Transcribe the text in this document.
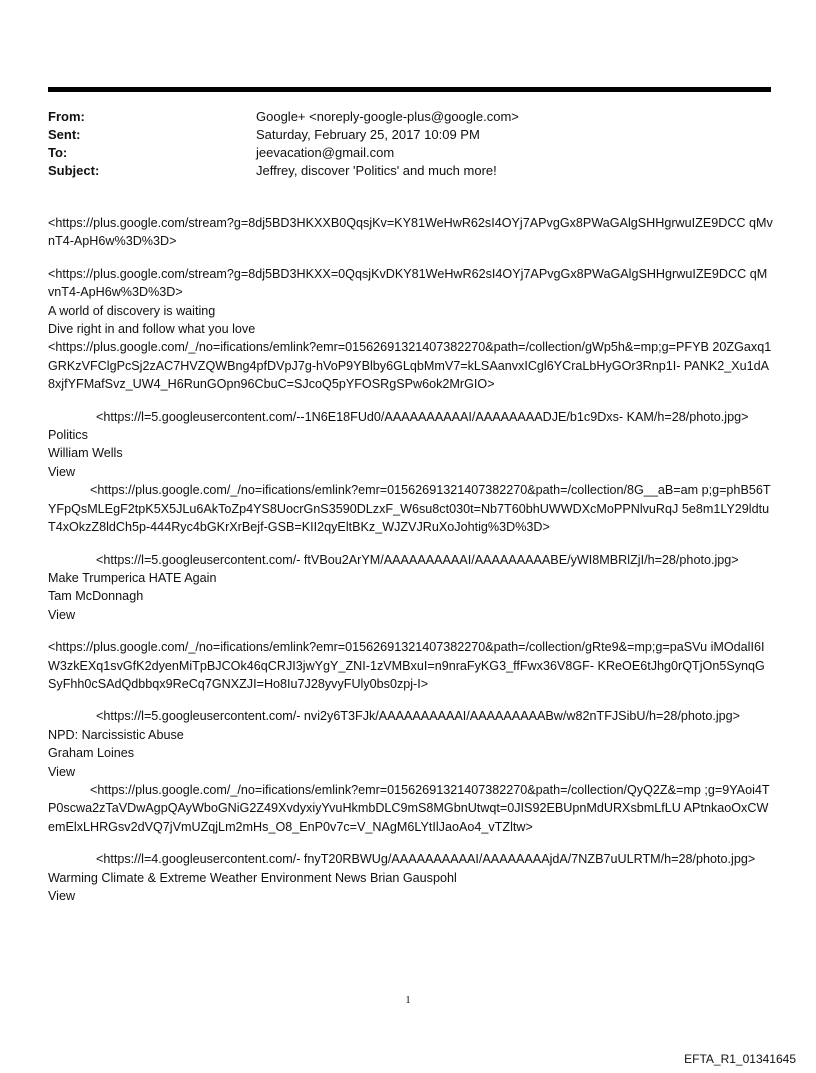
From:	Google+ <noreply-google-plus@google.com>
Sent:	Saturday, February 25, 2017 10:09 PM
To:	jeevacation@gmail.com
Subject:	Jeffrey, discover 'Politics' and much more!

<https://plus.google.com/stream?g=8dj5BD3HKXXB0QqsjKv=KY81WeHwR62sI4OYj7APvgGx8PWaGAlgSHHgrwuIZE9DCC qMvnT4-ApH6w%3D%3D>

<https://plus.google.com/stream?g=8dj5BD3HKXX=0QqsjKvDKY81WeHwR62sI4OYj7APvgGx8PWaGAlgSHHgrwuIZE9DCC qMvnT4-ApH6w%3D%3D>

A world of discovery is waiting

Dive right in and follow what you love

<https://plus.google.com/_/no=ifications/emlink?emr=01562691321407382270&path=/collection/gWp5h&=mp;g=PFYB 20ZGaxq1GRKzVFClgPcSj2zAC7HVZQWBng4pfDVpJ7g-hVoP9YBlby6GLqbMmV7=kLSAanvxICgl6YCraLbHyGOr3Rnp1I- PANK2_Xu1dA8xjfYFMafSvz_UW4_H6RunGOpn96CbuC=SJcoQ5pYFOSRgSPw6ok2MrGIO>

<https://l=5.googleusercontent.com/--1N6E18FUd0/AAAAAAAAAAI/AAAAAAAADJE/b1c9Dxs- KAM/h=28/photo.jpg>

Politics

William Wells

View

<https://plus.google.com/_/no=ifications/emlink?emr=01562691321407382270&path=/collection/8G__aB=am p;g=phB56TYFpQsMLEgF2tpK5X5JLu6AkToZp4YS8UocrGnS3590DLzxF_W6su8ct030t=Nb7T60bhUWWDXcMoPPNlvuRqJ 5e8m1LY29ldtuT4xOkzZ8ldCh5p-444Ryc4bGKrXrBejf-GSB=KII2qyEltBKz_WJZVJRuXoJohtig%3D%3D>

<https://l=5.googleusercontent.com/- ftVBou2ArYM/AAAAAAAAAAI/AAAAAAAAABE/yWI8MBRlZjI/h=28/photo.jpg>

Make Trumperica HATE Again

Tam McDonnagh

View

<https://plus.google.com/_/no=ifications/emlink?emr=01562691321407382270&path=/collection/gRte9&=mp;g=paSVu iMOdalI6IW3zkEXq1svGfK2dyenMiTpBJCOk46qCRJI3jwYgY_ZNI-1zVMBxuI=n9nraFyKG3_ffFwx36V8GF- KReOE6tJhg0rQTjOn5SynqGSyFhh0cSAdQdbbqx9ReCq7GNXZJI=Ho8Iu7J28yvyFUly0bs0zpj-I>

<https://l=5.googleusercontent.com/- nvi2y6T3FJk/AAAAAAAAAAI/AAAAAAAAABw/w82nTFJSibU/h=28/photo.jpg>

NPD: Narcissistic Abuse

Graham Loines

View

<https://plus.google.com/_/no=ifications/emlink?emr=01562691321407382270&path=/collection/QyQ2Z&=mp ;g=9YAoi4TP0scwa2zTaVDwAgpQAyWboGNiG2Z49XvdyxiyYvuHkmbDLC9mS8MGbnUtwqt=0JIS92EBUpnMdURXsbmLfLU APtnkaoOxCWemElxLHRGsv2dVQ7jVmUZqjLm2mHs_O8_EnP0v7c=V_NAgM6LYtIlJaoAo4_vTZltw>

<https://l=4.googleusercontent.com/- fnyT20RBWUg/AAAAAAAAAAI/AAAAAAAAjdA/7NZB7uULRTM/h=28/photo.jpg>

Warming Climate & Extreme Weather Environment News Brian Gauspohl

View

1
EFTA_R1_01341645
